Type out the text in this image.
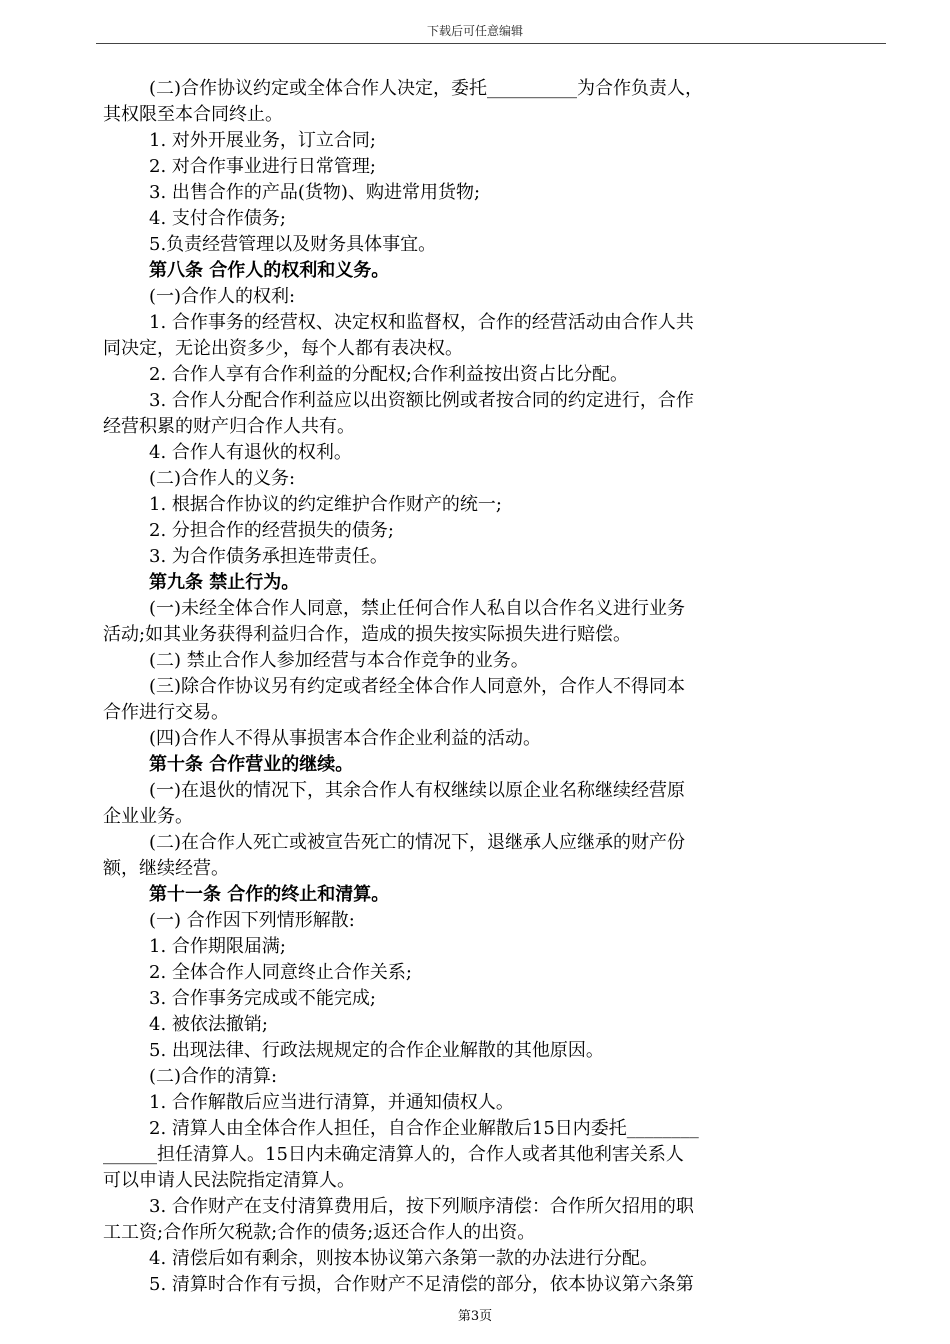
下载后可任意编辑
(二)合作协议约定或全体合作人决定，委托__________为合作负责人，
其权限至本合同终止。
1. 对外开展业务，订立合同;
2. 对合作事业进行日常管理;
3. 出售合作的产品(货物)、购进常用货物;
4. 支付合作债务;
5.负责经营管理以及财务具体事宜。
第八条 合作人的权利和义务。
(一)合作人的权利:
1. 合作事务的经营权、决定权和监督权，合作的经营活动由合作人共
同决定，无论出资多少，每个人都有表决权。
2. 合作人享有合作利益的分配权;合作利益按出资占比分配。
3. 合作人分配合作利益应以出资额比例或者按合同的约定进行，合作
经营积累的财产归合作人共有。
4. 合作人有退伙的权利。
(二)合作人的义务:
1. 根据合作协议的约定维护合作财产的统一;
2. 分担合作的经营损失的债务;
3. 为合作债务承担连带责任。
第九条 禁止行为。
(一)未经全体合作人同意，禁止任何合作人私自以合作名义进行业务
活动;如其业务获得利益归合作，造成的损失按实际损失进行赔偿。
(二) 禁止合作人参加经营与本合作竞争的业务。
(三)除合作协议另有约定或者经全体合作人同意外，合作人不得同本
合作进行交易。
(四)合作人不得从事损害本合作企业利益的活动。
第十条 合作营业的继续。
(一)在退伙的情况下，其余合作人有权继续以原企业名称继续经营原
企业业务。
(二)在合作人死亡或被宣告死亡的情况下，退继承人应继承的财产份
额，继续经营。
第十一条 合作的终止和清算。
(一) 合作因下列情形解散:
1. 合作期限届满;
2. 全体合作人同意终止合作关系;
3. 合作事务完成或不能完成;
4. 被依法撤销;
5. 出现法律、行政法规规定的合作企业解散的其他原因。
(二)合作的清算:
1. 合作解散后应当进行清算，并通知债权人。
2. 清算人由全体合作人担任，自合作企业解散后15日内委托________
______担任清算人。15日内未确定清算人的，合作人或者其他利害关系人
可以申请人民法院指定清算人。
3. 合作财产在支付清算费用后，按下列顺序清偿：合作所欠招用的职
工工资;合作所欠税款;合作的债务;返还合作人的出资。
4. 清偿后如有剩余，则按本协议第六条第一款的办法进行分配。
5. 清算时合作有亏损，合作财产不足清偿的部分，依本协议第六条第
第3页
